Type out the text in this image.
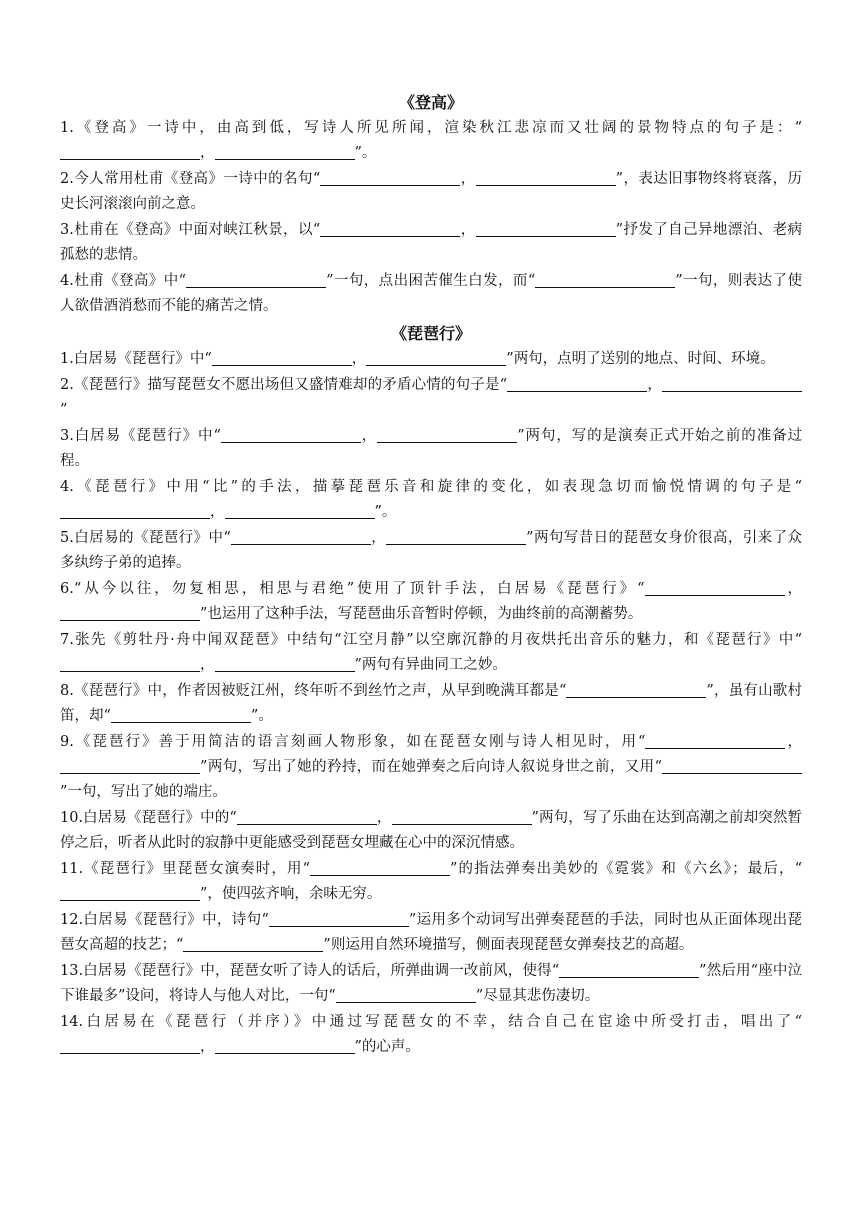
《登高》

1.《登高》一诗中，由高到低，写诗人所见所闻，渲染秋江悲凉而又壮阔的景物特点的句子是：“，	”。

2.今人常用杜甫《登高》一诗中的名句“	，	”，表达旧事物终将衰落，历史长河滚滚向前之意。

3.杜甫在《登高》中面对峡江秋景，以“	，	”抒发了自己异地漂泊、老病孤愁的悲情。

4.杜甫《登高》中“	”一句，点出困苦催生白发，而“	”一句，则表达了使人欲借酒消愁而不能的痛苦之情。

《琵琶行》

1.白居易《琵琶行》中“	，	”两句，点明了送别的地点、时间、环境。

2.《琵琶行》描写琵琶女不愿出场但又盛情难却的矛盾心情的句子是“	，”

3.白居易《琵琶行》中“	，	”两句，写的是演奏正式开始之前的准备过程。

4.《琵琶行》中用“比”的手法，描摹琵琶乐音和旋律的变化，如表现急切而愉悦情调的句子是“，	”。

5.白居易的《琵琶行》中“	，	”两句写昔日的琵琶女身价很高，引来了众多纨绔子弟的追捧。

6.“从今以往，勿复相思，相思与君绝”使用了顶针手法，白居易《琵琶行》“	，”也运用了这种手法，写琵琶曲乐音暂时停顿，为曲终前的高潮蓄势。

7.张先《剪牡丹·舟中闻双琵琶》中结句“江空月静”以空廓沉静的月夜烘托出音乐的魅力，和《琵琶行》中“，	”两句有异曲同工之妙。

8.《琵琶行》中，作者因被贬江州，终年听不到丝竹之声，从早到晚满耳都是“	”，虽有山歌村笛，却“	”。

9.《琵琶行》善于用简洁的语言刻画人物形象，如在琵琶女刚与诗人相见时，用“	，”两句，写出了她的矜持，而在她弹奏之后向诗人叙说身世之前，又用“”一句，写出了她的端庄。

10.白居易《琵琶行》中的“	，	”两句，写了乐曲在达到高潮之前却突然暂停之后，听者从此时的寂静中更能感受到琵琶女埋藏在心中的深沉情感。

11.《琵琶行》里琵琶女演奏时，用“	”的指法弹奏出美妙的《霓裳》和《六幺》；最后，“”，使四弦齐响，余味无穷。

12.白居易《琵琶行》中，诗句“	”运用多个动词写出弹奏琵琶的手法，同时也从正面体现出琵琶女高超的技艺；“	”则运用自然环境描写，侧面表现琵琶女弹奏技艺的高超。

13.白居易《琵琶行》中，琵琶女听了诗人的话后，所弹曲调一改前风，使得“	”然后用“座中泣下谁最多”设问，将诗人与他人对比，一句“	”尽显其悲伤凄切。

14.白居易在《琵琶行（并序）》中通过写琵琶女的不幸，结合自己在宦途中所受打击，唱出了“，	”的心声。
